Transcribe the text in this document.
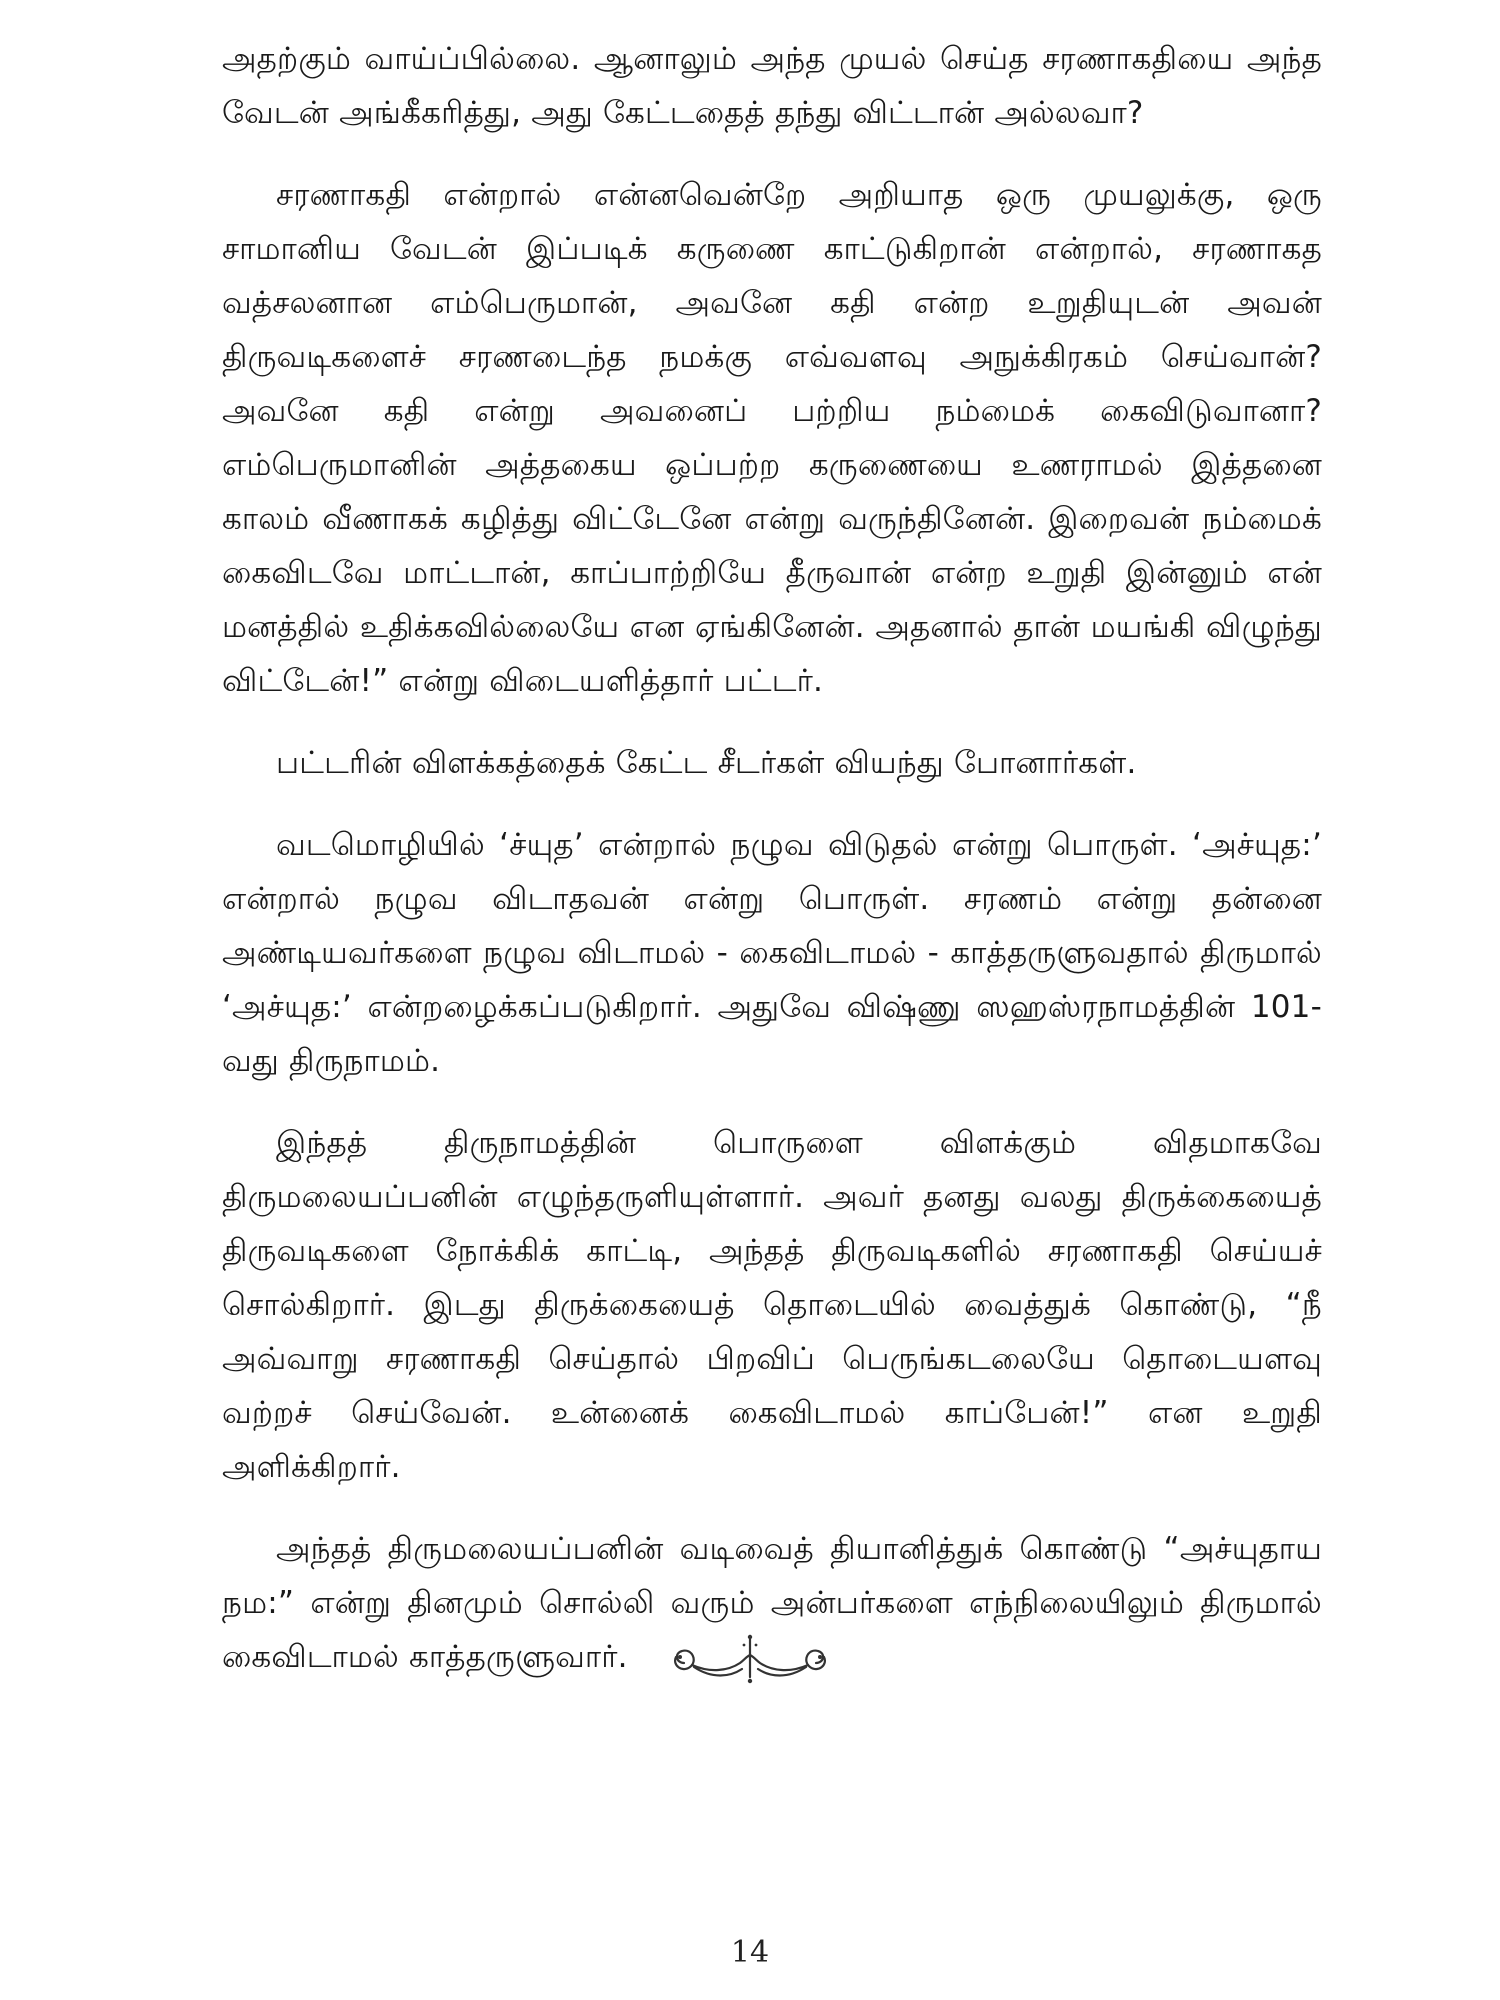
அதற்கும் வாய்ப்பில்லை. ஆனாலும் அந்த முயல் செய்த சரணாகதியை அந்த வேடன் அங்கீகரித்து, அது கேட்டதைத் தந்து விட்டான் அல்லவா?

சரணாகதி என்றால் என்னவென்றே அறியாத ஒரு முயலுக்கு, ஒரு சாமானிய வேடன் இப்படிக் கருணை காட்டுகிறான் என்றால், சரணாகத வத்சலனான எம்பெருமான், அவனே கதி என்ற உறுதியுடன் அவன் திருவடிகளைச் சரணடைந்த நமக்கு எவ்வளவு அநுக்கிரகம் செய்வான்? அவனே கதி என்று அவனைப் பற்றிய நம்மைக் கைவிடுவானா? எம்பெருமானின் அத்தகைய ஒப்பற்ற கருணையை உணராமல் இத்தனை காலம் வீணாகக் கழித்து விட்டேனே என்று வருந்தினேன். இறைவன் நம்மைக் கைவிடவே மாட்டான், காப்பாற்றியே தீருவான் என்ற உறுதி இன்னும் என் மனத்தில் உதிக்கவில்லையே என ஏங்கினேன். அதனால் தான் மயங்கி விழுந்து விட்டேன்!” என்று விடையளித்தார் பட்டர்.

பட்டரின் விளக்கத்தைக் கேட்ட சீடர்கள் வியந்து போனார்கள்.

வடமொழியில் ‘ச்யுத’ என்றால் நழுவ விடுதல் என்று பொருள். ‘அச்யுத:’ என்றால் நழுவ விடாதவன் என்று பொருள். சரணம் என்று தன்னை அண்டியவர்களை நழுவ விடாமல் - கைவிடாமல் - காத்தருளுவதால் திருமால் ‘அச்யுத:’ என்றழைக்கப்படுகிறார். அதுவே விஷ்ணு ஸஹஸ்ரநாமத்தின் 101-வது திருநாமம்.

இந்தத் திருநாமத்தின் பொருளை விளக்கும் விதமாகவே திருமலையப்பனின் எழுந்தருளியுள்ளார். அவர் தனது வலது திருக்கையைத் திருவடிகளை நோக்கிக் காட்டி, அந்தத் திருவடிகளில் சரணாகதி செய்யச் சொல்கிறார். இடது திருக்கையைத் தொடையில் வைத்துக் கொண்டு, “நீ அவ்வாறு சரணாகதி செய்தால் பிறவிப் பெருங்கடலையே தொடையளவு வற்றச் செய்வேன். உன்னைக் கைவிடாமல் காப்பேன்!” என உறுதி அளிக்கிறார்.

அந்தத் திருமலையப்பனின் வடிவைத் தியானித்துக் கொண்டு “அச்யுதாய நம:” என்று தினமும் சொல்லி வரும் அன்பர்களை எந்நிலையிலும் திருமால் கைவிடாமல் காத்தருளுவார்.

14
